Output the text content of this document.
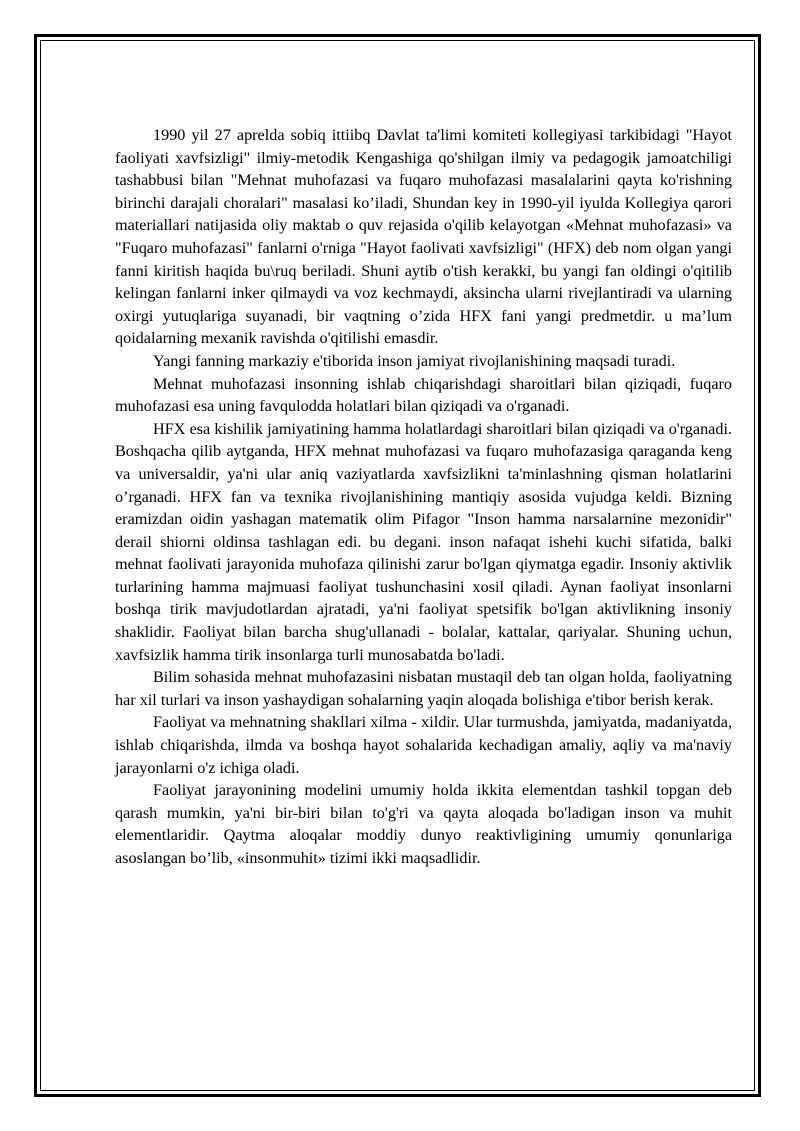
1990 yil 27 aprelda sobiq ittiibq Davlat ta'limi komiteti kollegiyasi tarkibidagi "Hayot faoliyati xavfsizligi" ilmiy-metodik Kengashiga qo'shilgan ilmiy va pedagogik jamoatchiligi tashabbusi bilan "Mehnat muhofazasi va fuqaro muhofazasi masalalarini qayta ko'rishning birinchi darajali choralari" masalasi ko’iladi, Shundan key in 1990-yil iyulda Kollegiya qarori materiallari natijasida oliy maktab o quv rejasida o'qilib kelayotgan «Mehnat muhofazasi» va "Fuqaro muhofazasi" fanlarni o'rniga "Hayot faolivati xavfsizligi" (HFX) deb nom olgan yangi fanni kiritish haqida bu\ruq beriladi. Shuni aytib o'tish kerakki, bu yangi fan oldingi o'qitilib kelingan fanlarni inker qilmaydi va voz kechmaydi, aksincha ularni rivejlantiradi va ularning oxirgi yutuqlariga suyanadi, bir vaqtning o’zida HFX fani yangi predmetdir. u ma’lum qoidalarning mexanik ravishda o'qitilishi emasdir.

Yangi fanning markaziy e'tiborida inson jamiyat rivojlanishining maqsadi turadi.

Mehnat muhofazasi insonning ishlab chiqarishdagi sharoitlari bilan qiziqadi, fuqaro muhofazasi esa uning favqulodda holatlari bilan qiziqadi va o'rganadi.

HFX esa kishilik jamiyatining hamma holatlardagi sharoitlari bilan qiziqadi va o'rganadi. Boshqacha qilib aytganda, HFX mehnat muhofazasi va fuqaro muhofazasiga qaraganda keng va universaldir, ya'ni ular aniq vaziyatlarda xavfsizlikni ta'minlashning qisman holatlarini o’rganadi. HFX fan va texnika rivojlanishining mantiqiy asosida vujudga keldi. Bizning eramizdan oidin yashagan matematik olim Pifagor "Inson hamma narsalarnine mezonidir" derail shiorni oldinsa tashlagan edi. bu degani. inson nafaqat ishehi kuchi sifatida, balki mehnat faolivati jarayonida muhofaza qilinishi zarur bo'lgan qiymatga egadir. Insoniy aktivlik turlarining hamma majmuasi faoliyat tushunchasini xosil qiladi. Aynan faoliyat insonlarni boshqa tirik mavjudotlardan ajratadi, ya'ni faoliyat spetsifik bo'lgan aktivlikning insoniy shaklidir. Faoliyat bilan barcha shug'ullanadi - bolalar, kattalar, qariyalar. Shuning uchun, xavfsizlik hamma tirik insonlarga turli munosabatda bo'ladi.

Bilim sohasida mehnat muhofazasini nisbatan mustaqil deb tan olgan holda, faoliyatning har xil turlari va inson yashaydigan sohalarning yaqin aloqada bolishiga e'tibor berish kerak.

Faoliyat va mehnatning shakllari xilma - xildir. Ular turmushda, jamiyatda, madaniyatda, ishlab chiqarishda, ilmda va boshqa hayot sohalarida kechadigan amaliy, aqliy va ma'naviy jarayonlarni o'z ichiga oladi.

Faoliyat jarayonining modelini umumiy holda ikkita elementdan tashkil topgan deb qarash mumkin, ya'ni bir-biri bilan to'g'ri va qayta aloqada bo'ladigan inson va muhit elementlaridir. Qaytma aloqalar moddiy dunyo reaktivligining umumiy qonunlariga asoslangan bo’lib, «insonmuhit» tizimi ikki maqsadlidir.
